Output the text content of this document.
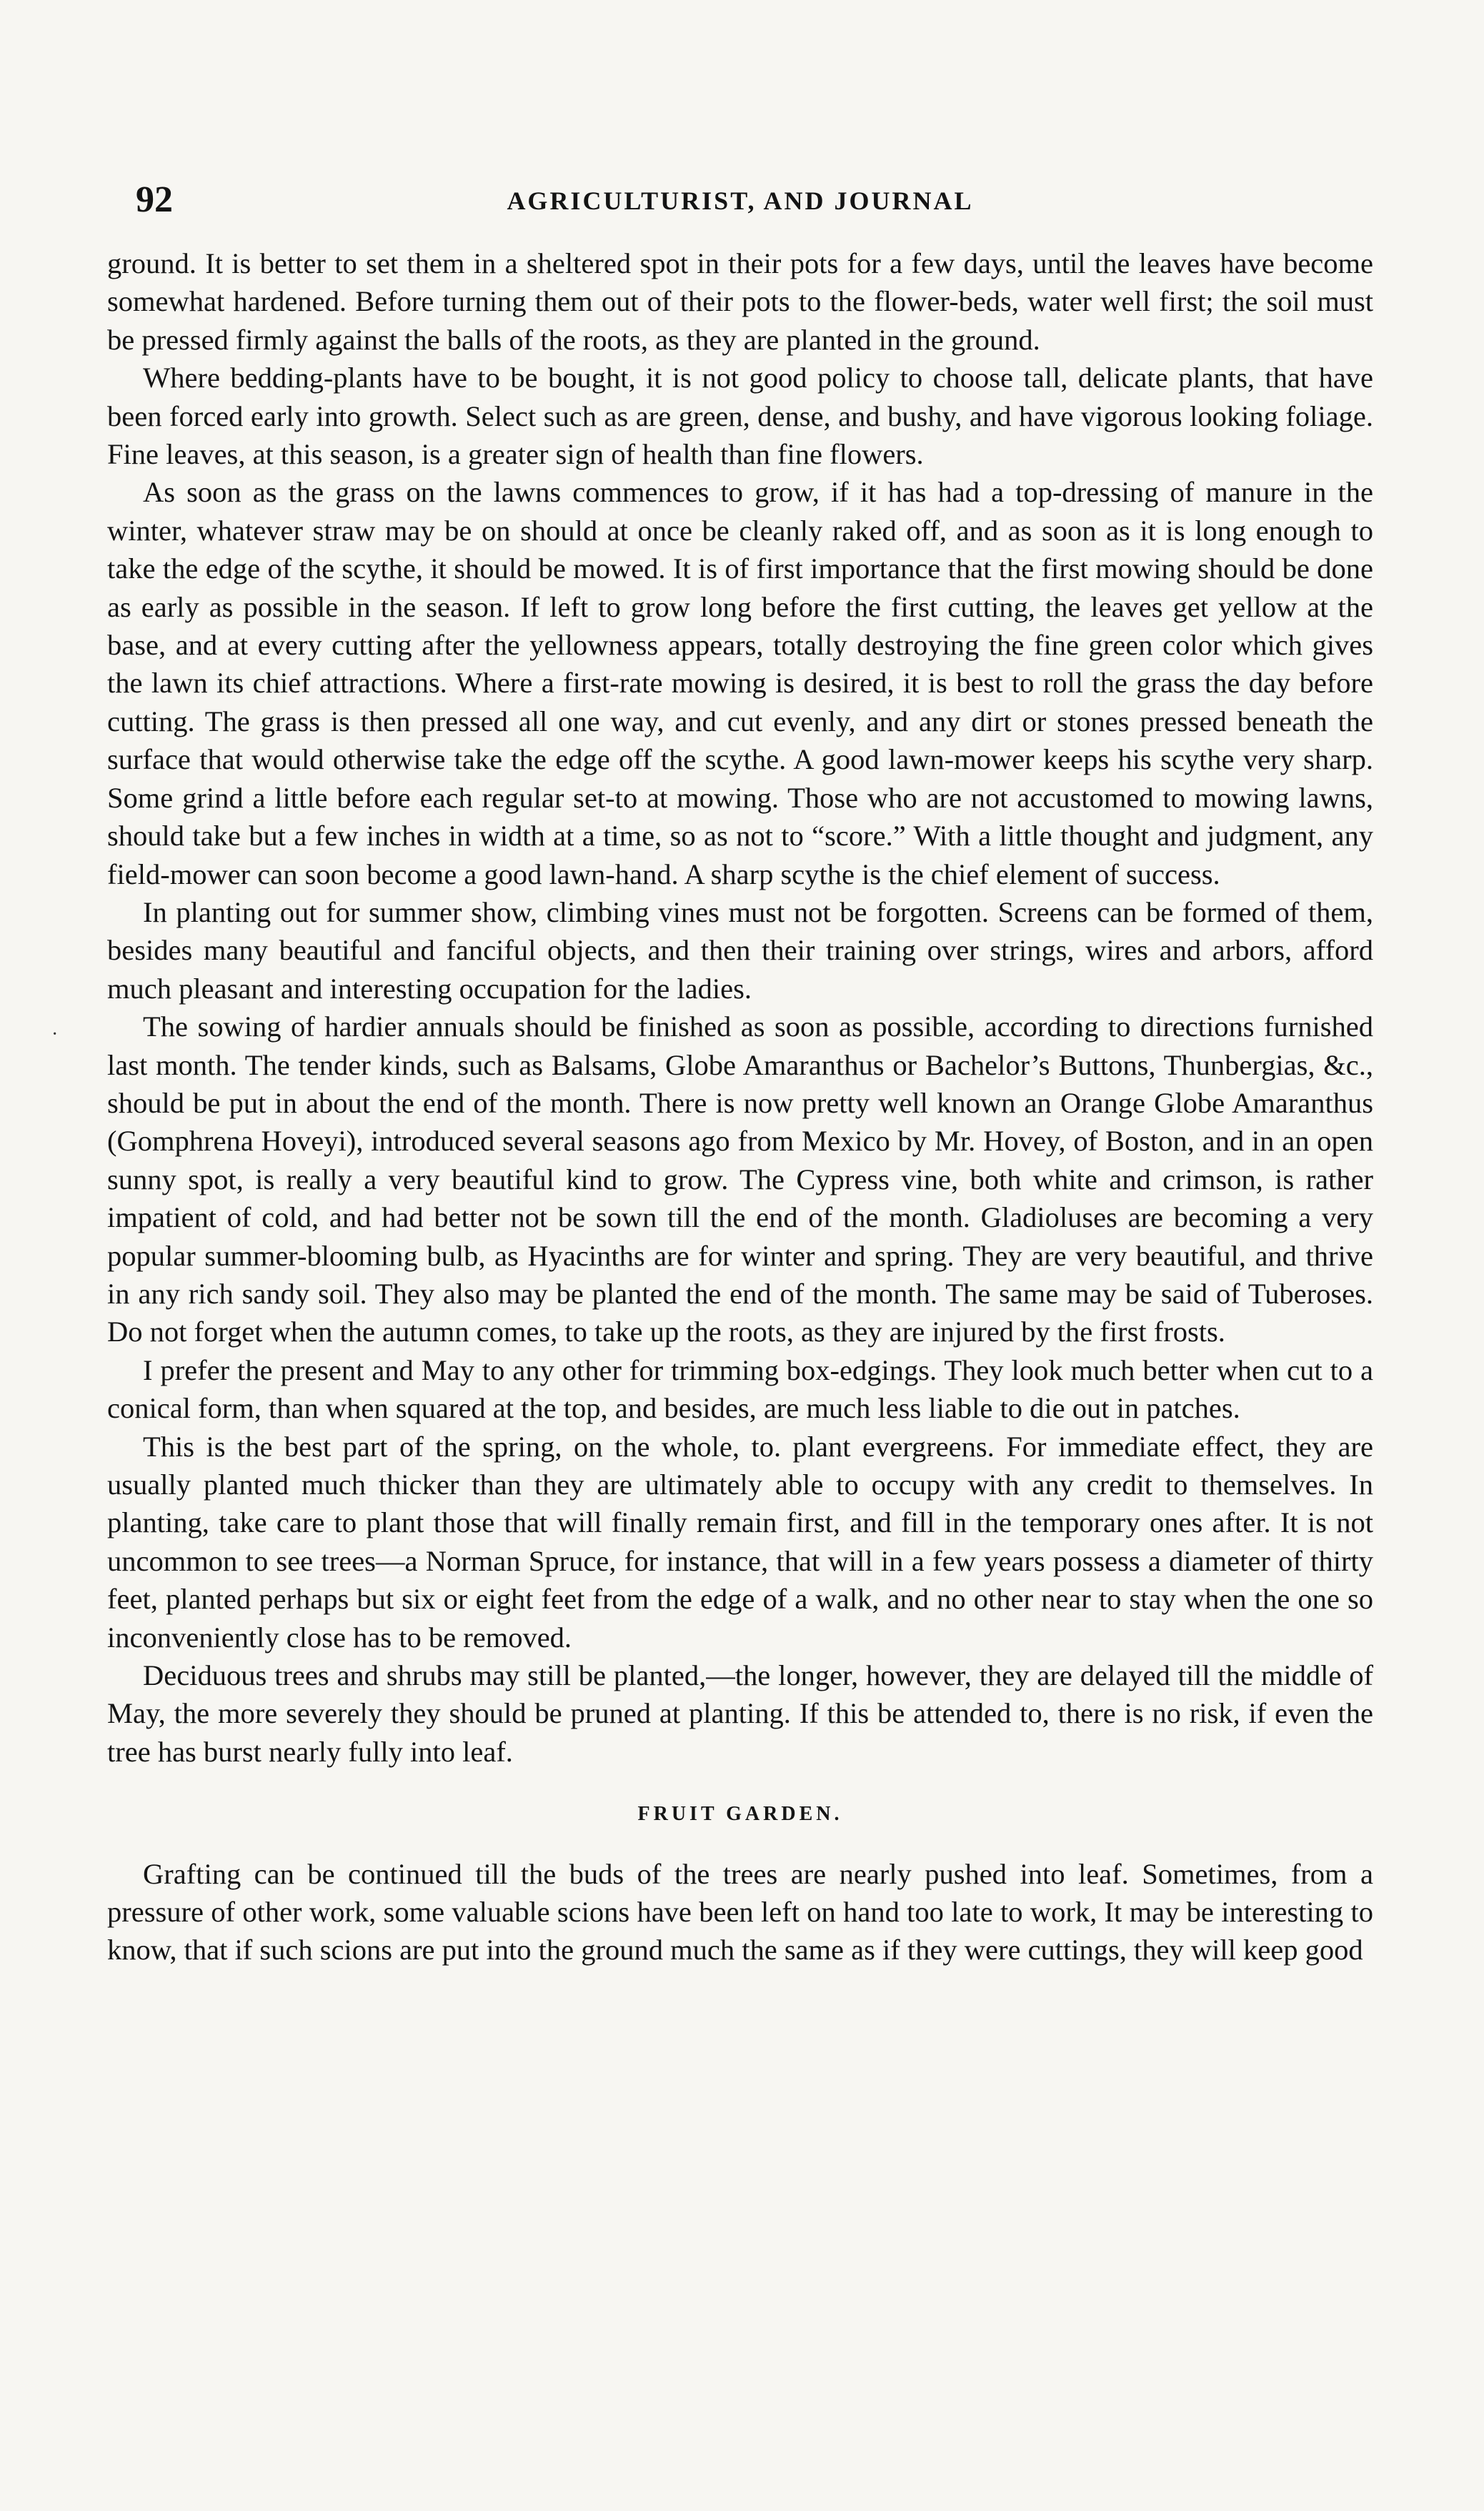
92	AGRICULTURIST, AND JOURNAL

ground. It is better to set them in a sheltered spot in their pots for a few days, until the leaves have become somewhat hardened. Before turning them out of their pots to the flower-beds, water well first; the soil must be pressed firmly against the balls of the roots, as they are planted in the ground.

Where bedding-plants have to be bought, it is not good policy to choose tall, delicate plants, that have been forced early into growth. Select such as are green, dense, and bushy, and have vigorous looking foliage. Fine leaves, at this season, is a greater sign of health than fine flowers.

As soon as the grass on the lawns commences to grow, if it has had a top-dressing of manure in the winter, whatever straw may be on should at once be cleanly raked off, and as soon as it is long enough to take the edge of the scythe, it should be mowed. It is of first importance that the first mowing should be done as early as possible in the season. If left to grow long before the first cutting, the leaves get yellow at the base, and at every cutting after the yellowness appears, totally destroying the fine green color which gives the lawn its chief attractions. Where a first-rate mowing is desired, it is best to roll the grass the day before cutting. The grass is then pressed all one way, and cut evenly, and any dirt or stones pressed beneath the surface that would otherwise take the edge off the scythe. A good lawn-mower keeps his scythe very sharp. Some grind a little before each regular set-to at mowing. Those who are not accustomed to mowing lawns, should take but a few inches in width at a time, so as not to “score.” With a little thought and judgment, any field-mower can soon become a good lawn-hand. A sharp scythe is the chief element of success.

In planting out for summer show, climbing vines must not be forgotten. Screens can be formed of them, besides many beautiful and fanciful objects, and then their training over strings, wires and arbors, afford much pleasant and interesting occupation for the ladies.

The sowing of hardier annuals should be finished as soon as possible, according to directions furnished last month. The tender kinds, such as Balsams, Globe Amaranthus or Bachelor’s Buttons, Thunbergias, &c., should be put in about the end of the month. There is now pretty well known an Orange Globe Amaranthus (Gomphrena Hoveyi), introduced several seasons ago from Mexico by Mr. Hovey, of Boston, and in an open sunny spot, is really a very beautiful kind to grow. The Cypress vine, both white and crimson, is rather impatient of cold, and had better not be sown till the end of the month. Gladioluses are becoming a very popular summer-blooming bulb, as Hyacinths are for winter and spring. They are very beautiful, and thrive in any rich sandy soil. They also may be planted the end of the month. The same may be said of Tuberoses. Do not forget when the autumn comes, to take up the roots, as they are injured by the first frosts.

I prefer the present and May to any other for trimming box-edgings. They look much better when cut to a conical form, than when squared at the top, and besides, are much less liable to die out in patches.

This is the best part of the spring, on the whole, to. plant evergreens. For immediate effect, they are usually planted much thicker than they are ultimately able to occupy with any credit to themselves. In planting, take care to plant those that will finally remain first, and fill in the temporary ones after. It is not uncommon to see trees—a Norman Spruce, for instance, that will in a few years possess a diameter of thirty feet, planted perhaps but six or eight feet from the edge of a walk, and no other near to stay when the one so inconveniently close has to be removed.

Deciduous trees and shrubs may still be planted,—the longer, however, they are delayed till the middle of May, the more severely they should be pruned at planting. If this be attended to, there is no risk, if even the tree has burst nearly fully into leaf.

FRUIT GARDEN.

Grafting can be continued till the buds of the trees are nearly pushed into leaf. Sometimes, from a pressure of other work, some valuable scions have been left on hand too late to work, It may be interesting to know, that if such scions are put into the ground much the same as if they were cuttings, they will keep good

·
